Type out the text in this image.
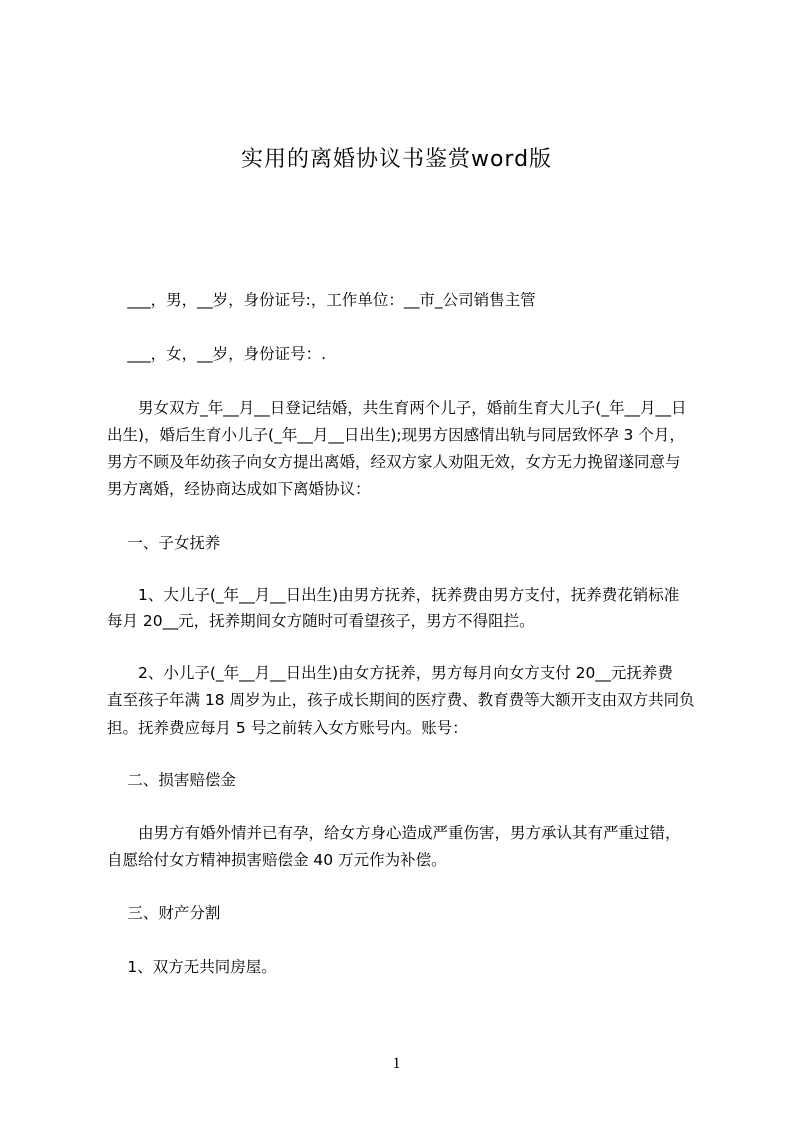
实用的离婚协议书鉴赏word版
　 ___，男，__岁，身份证号:，工作单位：__市_公司销售主管
　 ___，女，__岁，身份证号：.
　　男女双方_年__月__日登记结婚，共生育两个儿子，婚前生育大儿子(_年__月__日
出生)，婚后生育小儿子(_年__月__日出生);现男方因感情出轨与同居致怀孕 3 个月，
男方不顾及年幼孩子向女方提出离婚，经双方家人劝阻无效，女方无力挽留遂同意与
男方离婚，经协商达成如下离婚协议：
　 一、子女抚养
　　1、大儿子(_年__月__日出生)由男方抚养，抚养费由男方支付，抚养费花销标准
每月 20__元，抚养期间女方随时可看望孩子，男方不得阻拦。
　　2、小儿子(_年__月__日出生)由女方抚养，男方每月向女方支付 20__元抚养费
直至孩子年满 18 周岁为止，孩子成长期间的医疗费、教育费等大额开支由双方共同负
担。抚养费应每月 5 号之前转入女方账号内。账号：
　 二、损害赔偿金
　　由男方有婚外情并已有孕，给女方身心造成严重伤害，男方承认其有严重过错，
自愿给付女方精神损害赔偿金 40 万元作为补偿。
　 三、财产分割
　 1、双方无共同房屋。
1
